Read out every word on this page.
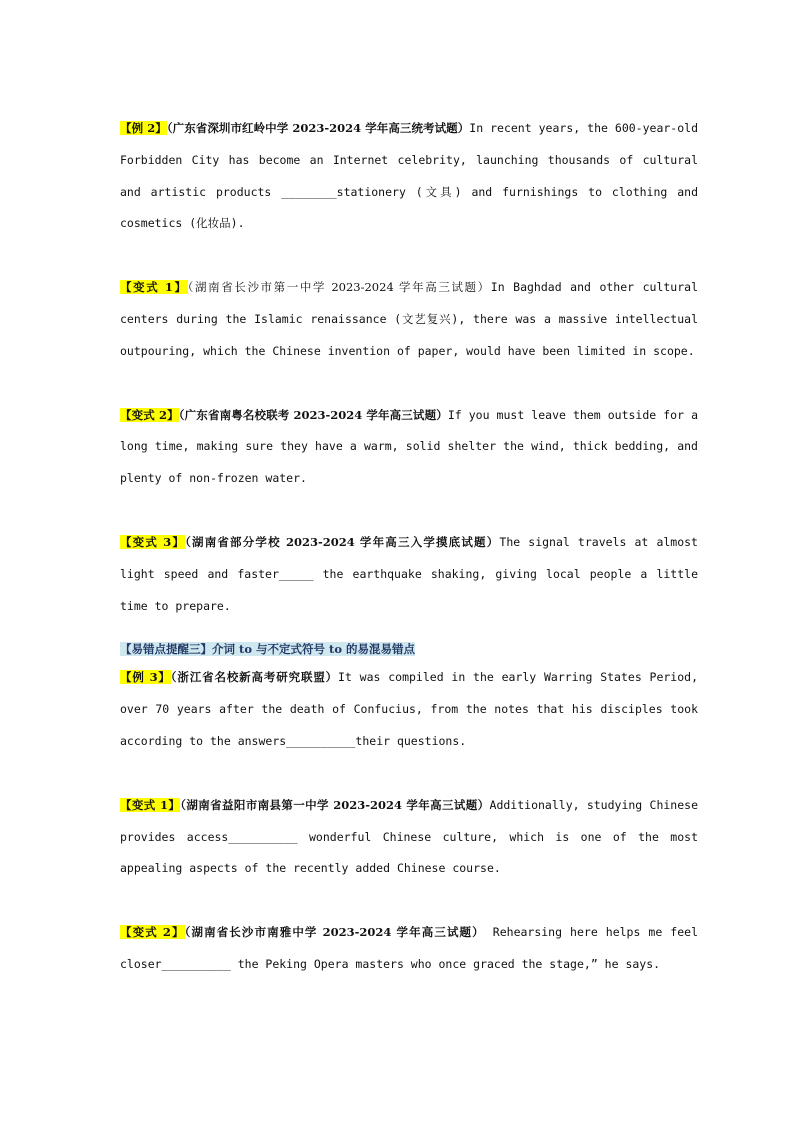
【例 2】（广东省深圳市红岭中学 2023-2024 学年高三统考试题）In recent years, the 600-year-old Forbidden City has become an Internet celebrity, launching thousands of cultural and artistic products ________stationery (文具) and furnishings to clothing and cosmetics (化妆品).

【变式 1】（湖南省长沙市第一中学 2023-2024 学年高三试题）In Baghdad and other cultural centers during the Islamic renaissance (文艺复兴), there was a massive intellectual outpouring, which the Chinese invention of paper, would have been limited in scope.

【变式 2】（广东省南粤名校联考 2023-2024 学年高三试题）If you must leave them outside for a long time, making sure they have a warm, solid shelter the wind, thick bedding, and plenty of non-frozen water.

【变式 3】（湖南省部分学校 2023-2024 学年高三入学摸底试题）The signal travels at almost light speed and faster_____ the earthquake shaking, giving local people a little time to prepare.

【易错点提醒三】介词 to 与不定式符号 to 的易混易错点

【例 3】（浙江省名校新高考研究联盟）It was compiled in the early Warring States Period, over 70 years after the death of Confucius, from the notes that his disciples took according to the answers__________their questions.

【变式 1】（湖南省益阳市南县第一中学 2023-2024 学年高三试题）Additionally, studying Chinese provides access__________ wonderful Chinese culture, which is one of the most appealing aspects of the recently added Chinese course.

【变式 2】（湖南省长沙市南雅中学 2023-2024 学年高三试题） Rehearsing here helps me feel closer__________ the Peking Opera masters who once graced the stage,” he says.
